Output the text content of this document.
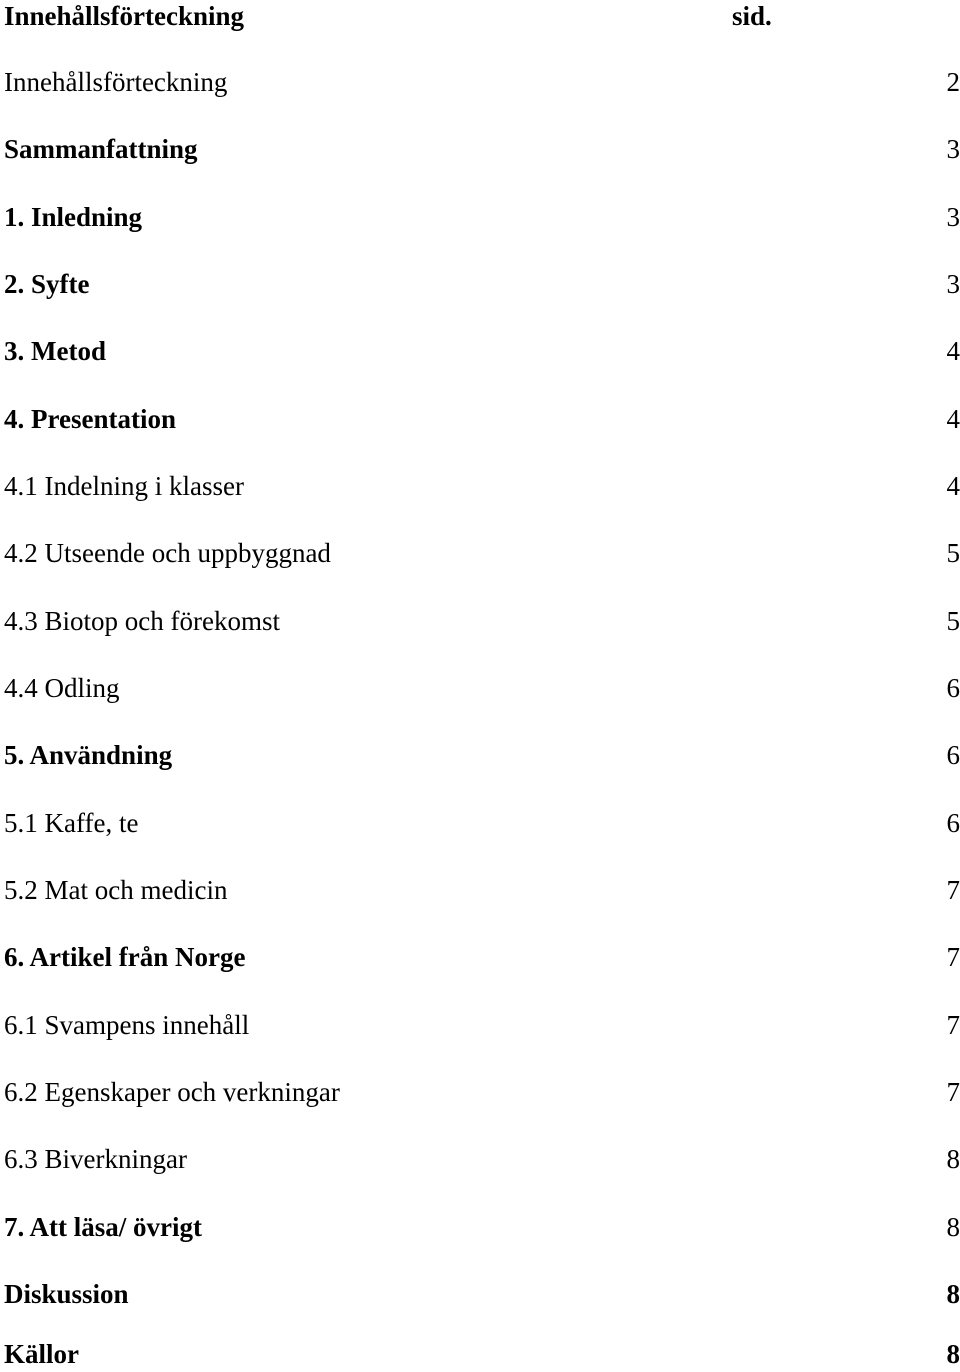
Innehållsförteckning	sid.
Innehållsförteckning	2
Sammanfattning	3
1. Inledning	3
2. Syfte	3
3. Metod	4
4. Presentation	4
4.1 Indelning i klasser	4
4.2 Utseende och uppbyggnad	5
4.3 Biotop och förekomst	5
4.4 Odling	6
5. Användning	6
5.1 Kaffe, te	6
5.2 Mat och medicin	7
6. Artikel från Norge	7
6.1 Svampens innehåll	7
6.2 Egenskaper och verkningar	7
6.3 Biverkningar	8
7. Att läsa/ övrigt	8
Diskussion	8
Källor	8
